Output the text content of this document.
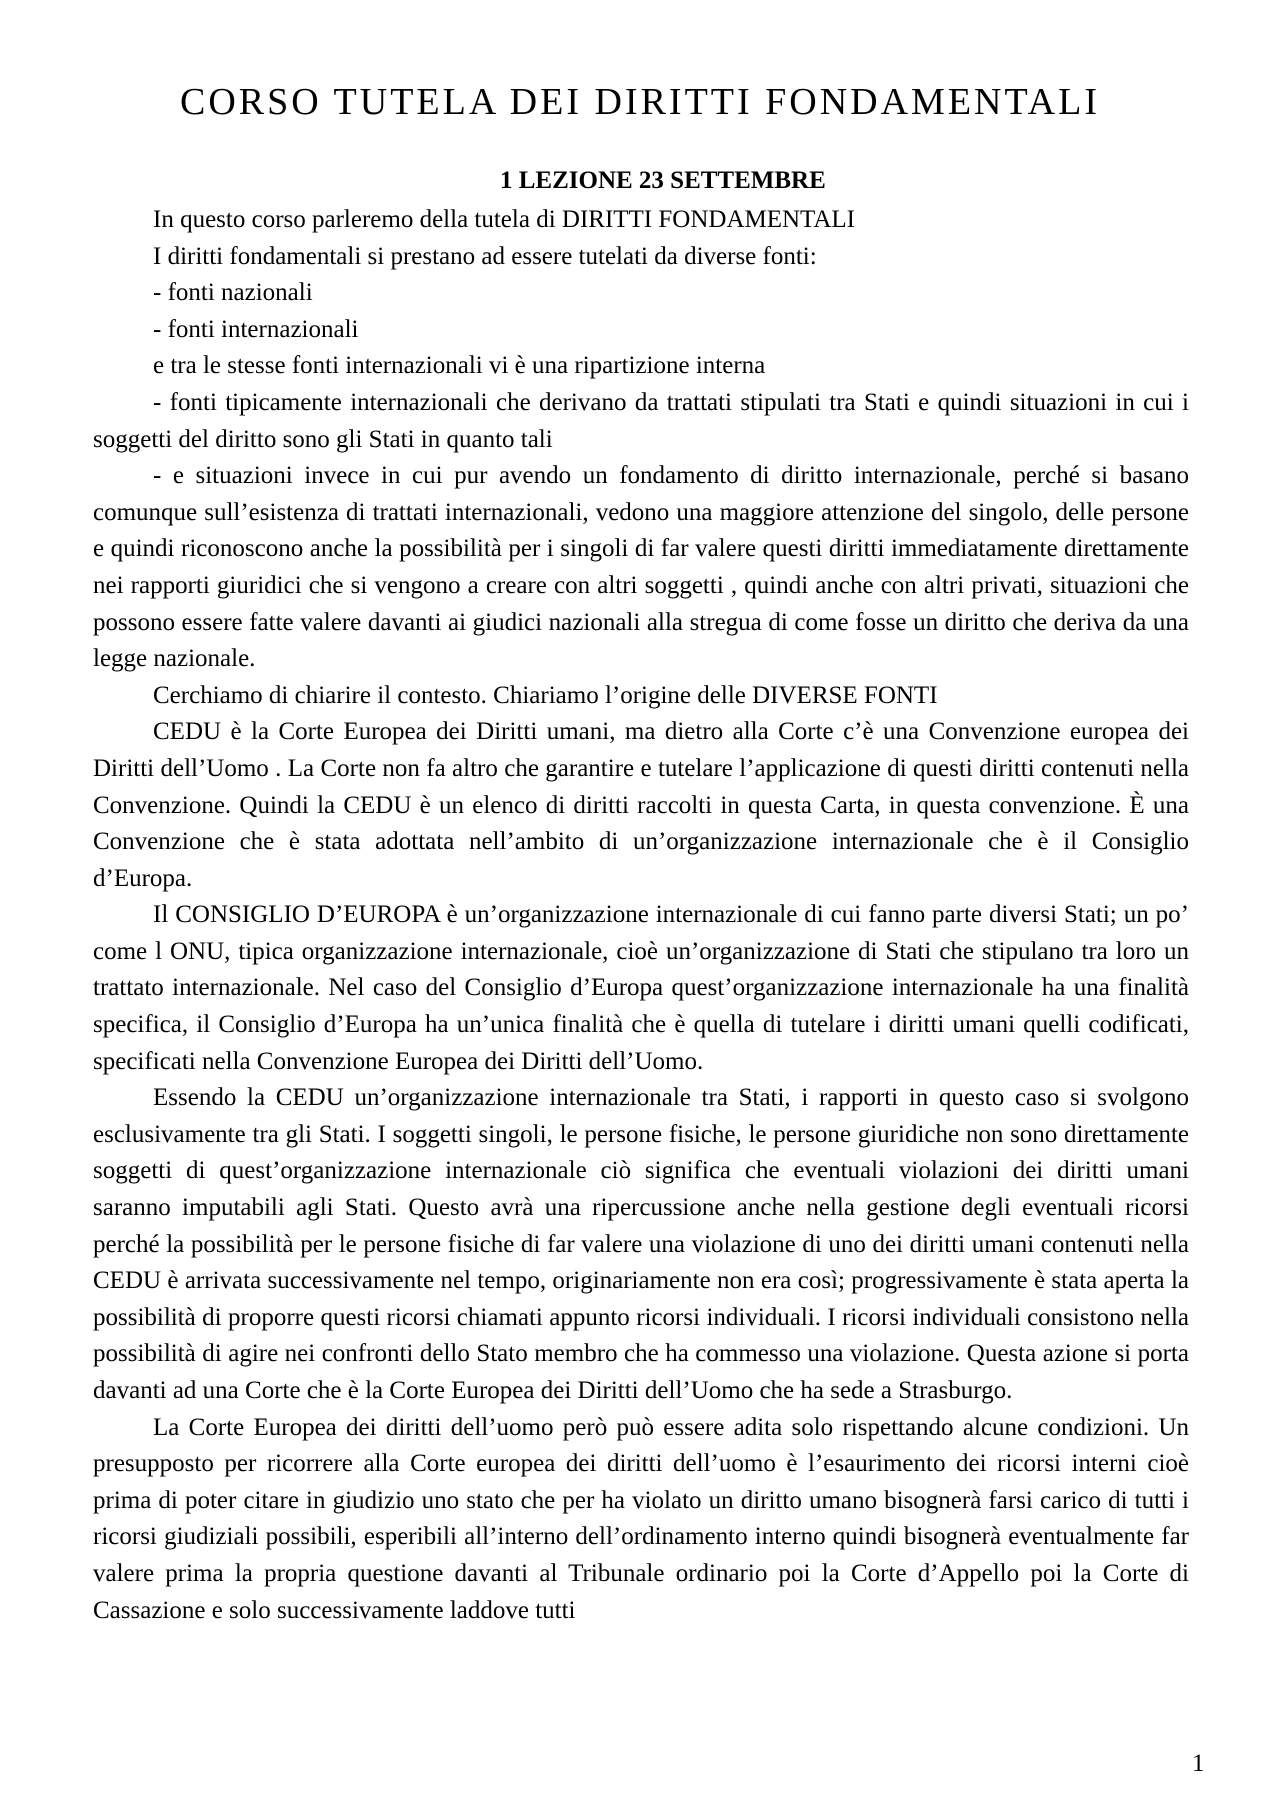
CORSO TUTELA DEI DIRITTI FONDAMENTALI
1 LEZIONE 23 SETTEMBRE

In questo corso parleremo della tutela di DIRITTI FONDAMENTALI

I diritti fondamentali si prestano ad essere tutelati da diverse fonti:

- fonti nazionali

- fonti internazionali

e tra le stesse fonti internazionali vi è una ripartizione interna

- fonti tipicamente internazionali che derivano da trattati stipulati tra Stati e quindi situazioni in cui i soggetti del diritto sono gli Stati in quanto tali

- e situazioni invece in cui pur avendo un fondamento di diritto internazionale, perché si basano comunque sull’esistenza di trattati internazionali, vedono una maggiore attenzione del singolo, delle persone e quindi riconoscono anche la possibilità per i singoli di far valere questi diritti immediatamente direttamente nei rapporti giuridici che si vengono a creare con altri soggetti , quindi anche con altri privati, situazioni che possono essere fatte valere davanti ai giudici nazionali alla stregua di come fosse un diritto che deriva da una legge nazionale.

Cerchiamo di chiarire il contesto. Chiariamo l’origine delle DIVERSE FONTI

CEDU è la Corte Europea dei Diritti umani, ma dietro alla Corte c’è una Convenzione europea dei Diritti dell’Uomo . La Corte non fa altro che garantire e tutelare l’applicazione di questi diritti contenuti nella Convenzione. Quindi la CEDU è un elenco di diritti raccolti in questa Carta, in questa convenzione. È una Convenzione che è stata adottata nell’ambito di un’organizzazione internazionale che è il Consiglio d’Europa.

Il CONSIGLIO D’EUROPA è un’organizzazione internazionale di cui fanno parte diversi Stati; un po’ come l ONU, tipica organizzazione internazionale, cioè un’organizzazione di Stati che stipulano tra loro un trattato internazionale. Nel caso del Consiglio d’Europa quest’organizzazione internazionale ha una finalità specifica, il Consiglio d’Europa ha un’unica finalità che è quella di tutelare i diritti umani quelli codificati, specificati nella Convenzione Europea dei Diritti dell’Uomo.

Essendo la CEDU un’organizzazione internazionale tra Stati, i rapporti in questo caso si svolgono esclusivamente tra gli Stati. I soggetti singoli, le persone fisiche, le persone giuridiche non sono direttamente soggetti di quest’organizzazione internazionale ciò significa che eventuali violazioni dei diritti umani saranno imputabili agli Stati. Questo avrà una ripercussione anche nella gestione degli eventuali ricorsi perché la possibilità per le persone fisiche di far valere una violazione di uno dei diritti umani contenuti nella CEDU è arrivata successivamente nel tempo, originariamente non era così; progressivamente è stata aperta la possibilità di proporre questi ricorsi chiamati appunto ricorsi individuali. I ricorsi individuali consistono nella possibilità di agire nei confronti dello Stato membro che ha commesso una violazione. Questa azione si porta davanti ad una Corte che è la Corte Europea dei Diritti dell’Uomo che ha sede a Strasburgo.

La Corte Europea dei diritti dell’uomo però può essere adita solo rispettando alcune condizioni. Un presupposto per ricorrere alla Corte europea dei diritti dell’uomo è l’esaurimento dei ricorsi interni cioè prima di poter citare in giudizio uno stato che per ha violato un diritto umano bisognerà farsi carico di tutti i ricorsi giudiziali possibili, esperibili all’interno dell’ordinamento interno quindi bisognerà eventualmente far valere prima la propria questione davanti al Tribunale ordinario poi la Corte d’Appello poi la Corte di Cassazione e solo successivamente laddove tutti

1
